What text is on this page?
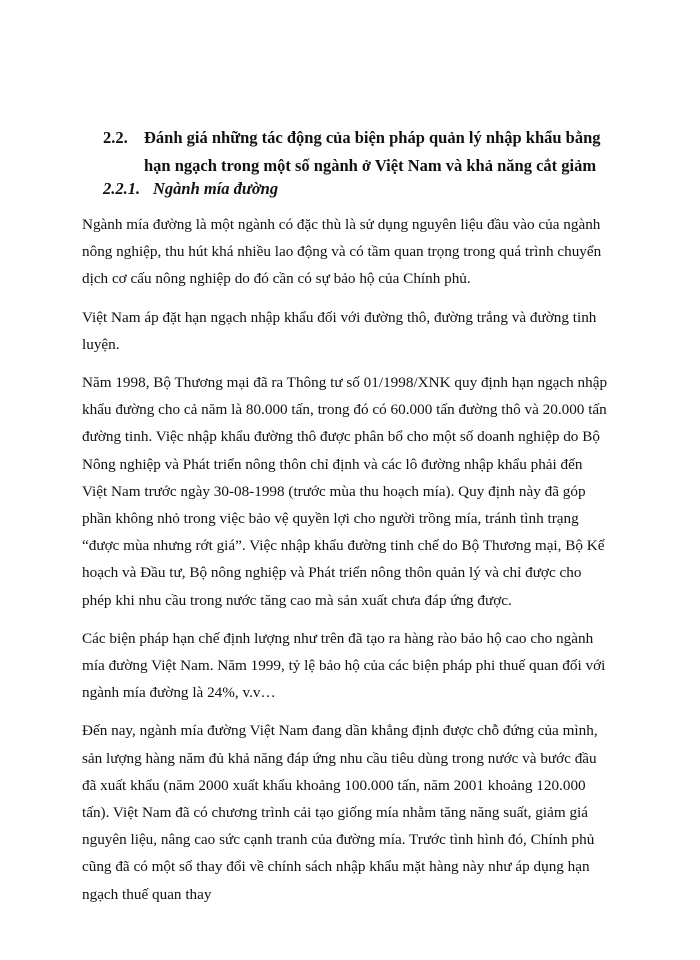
2.2. Đánh giá những tác động của biện pháp quản lý nhập khẩu bằng hạn ngạch trong một số ngành ở Việt Nam và khả năng cắt giảm
2.2.1. Ngành mía đường

Ngành mía đường là một ngành có đặc thù là sử dụng nguyên liệu đầu vào của ngành nông nghiệp, thu hút khá nhiều lao động và có tầm quan trọng trong quá trình chuyển dịch cơ cấu nông nghiệp do đó cần có sự bảo hộ của Chính phủ.

Việt Nam áp đặt hạn ngạch nhập khẩu đối với đường thô, đường trắng và đường tinh luyện.

Năm 1998, Bộ Thương mại đã ra Thông tư số 01/1998/XNK quy định hạn ngạch nhập khẩu đường cho cả năm là 80.000 tấn, trong đó có 60.000 tấn đường thô và 20.000 tấn đường tinh. Việc nhập khẩu đường thô được phân bổ cho một số doanh nghiệp do Bộ Nông nghiệp và Phát triển nông thôn chỉ định và các lô đường nhập khẩu phải đến Việt Nam trước ngày 30-08-1998 (trước mùa thu hoạch mía). Quy định này đã góp phần không nhỏ trong việc bảo vệ quyền lợi cho người trồng mía, tránh tình trạng “được mùa nhưng rớt giá”. Việc nhập khẩu đường tinh chế do Bộ Thương mại, Bộ Kế hoạch và Đầu tư, Bộ nông nghiệp và Phát triển nông thôn quản lý và chỉ được cho phép khi nhu cầu trong nước tăng cao mà sản xuất chưa đáp ứng được.

Các biện pháp hạn chế định lượng như trên đã tạo ra hàng rào bảo hộ cao cho ngành mía đường Việt Nam. Năm 1999, tỷ lệ bảo hộ của các biện pháp phi thuế quan đối với ngành mía đường là 24%, v.v…

Đến nay, ngành mía đường Việt Nam đang dần khẳng định được chỗ đứng của mình, sản lượng hàng năm đủ khả năng đáp ứng nhu cầu tiêu dùng trong nước và bước đầu đã xuất khẩu (năm 2000 xuất khẩu khoảng 100.000 tấn, năm 2001 khoảng 120.000 tấn). Việt Nam đã có chương trình cải tạo giống mía nhằm tăng năng suất, giảm giá nguyên liệu, nâng cao sức cạnh tranh của đường mía. Trước tình hình đó, Chính phủ cũng đã có một số thay đổi về chính sách nhập khẩu mặt hàng này như áp dụng hạn ngạch thuế quan thay
